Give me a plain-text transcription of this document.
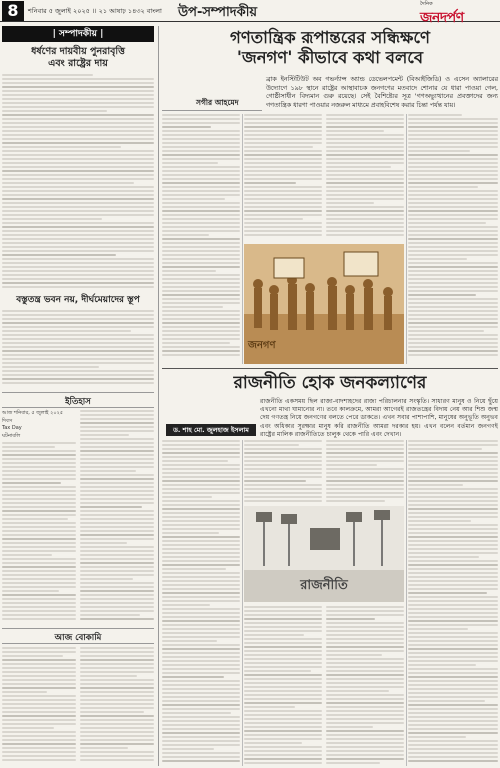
8	শনিবার ৫ জুলাই ২০২৫ ।। ২১ আষাঢ় ১৪৩২ বাংলা উপ-সম্পাদকীয়
দৈনিক
জনদর্পণ
| সম্পাদকীয় |
ধর্ষণের দায়বীয় পুনরাবৃত্তি
এবং রাষ্ট্রের দায়
বস্তুতন্ত্র ভবন নয়, দীর্ঘমেয়াদের স্তূপ
ইতিহাস
আজ শনিবার, ৫ জুলাই ২০২৫
দিবস
Tax Day
ঘটনাবলি
আজ বোকামি
গণতান্ত্রিক রূপান্তরের সন্ধিক্ষণে
'জনগণ' কীভাবে কথা বলবে
ব্রাক ইনস্টিটিউট অব গভর্ন্যান্স অ্যান্ড ডেভেলপমেন্ট (বিআইজিডি) ও এসেন অ্যালারের উদ্যোগে ১৯৮ স্থানে রাষ্ট্রের আস্থাবাচক জনগণের মতবাদে শোনার যে ধারা পাওয়া গেল, গোষ্ঠীসাধীন বিদ্যমান গুরু রয়েছে। সেই বৈশিষ্ট্যের সূত্র 'গণঅভ্যুত্থানের প্রবক্তাদের জন্য গণতান্ত্রিক ধারণা পাওয়ার নজরুল মাধ্যমে প্রবাহবিশেষ করার চিন্তা পর্যন্ত যায়।
সগীর আহমেদ
জনগণ
রাজনীতি হোক জনকল্যাণের
রাজনীতি একসময় ছিল রাজা-বাদশাহদের রাজ্য পরিচালনার সংস্কৃতি। সাধারণ মানুষ ও নিয়ে ছুঁয়ে এখনো মাথা ঘামানোর না। তবে কালক্রমে, আমরা আগেরই রাজতন্ত্রের বিদায় নেয় আর শিশু জন্ম দেয় গণতন্ত্র নিয়ে জনগণের বলতে পেরে ডাকতে। এখন সবার পাশাপাশি, মানুষের অনুভূতি অনুভব এবং অধিকার সুরক্ষার মানুষ করি রাজনীতি আমরা দরকার হয়। এখন বলেন বর্তমান জনগণই রাষ্ট্রের মালিক রাজনীতিতে চালুক থেকে পারি এবং দেখান।
ড. শাহ মো. জুলহাজ ইসলাম
রাজনীতি
